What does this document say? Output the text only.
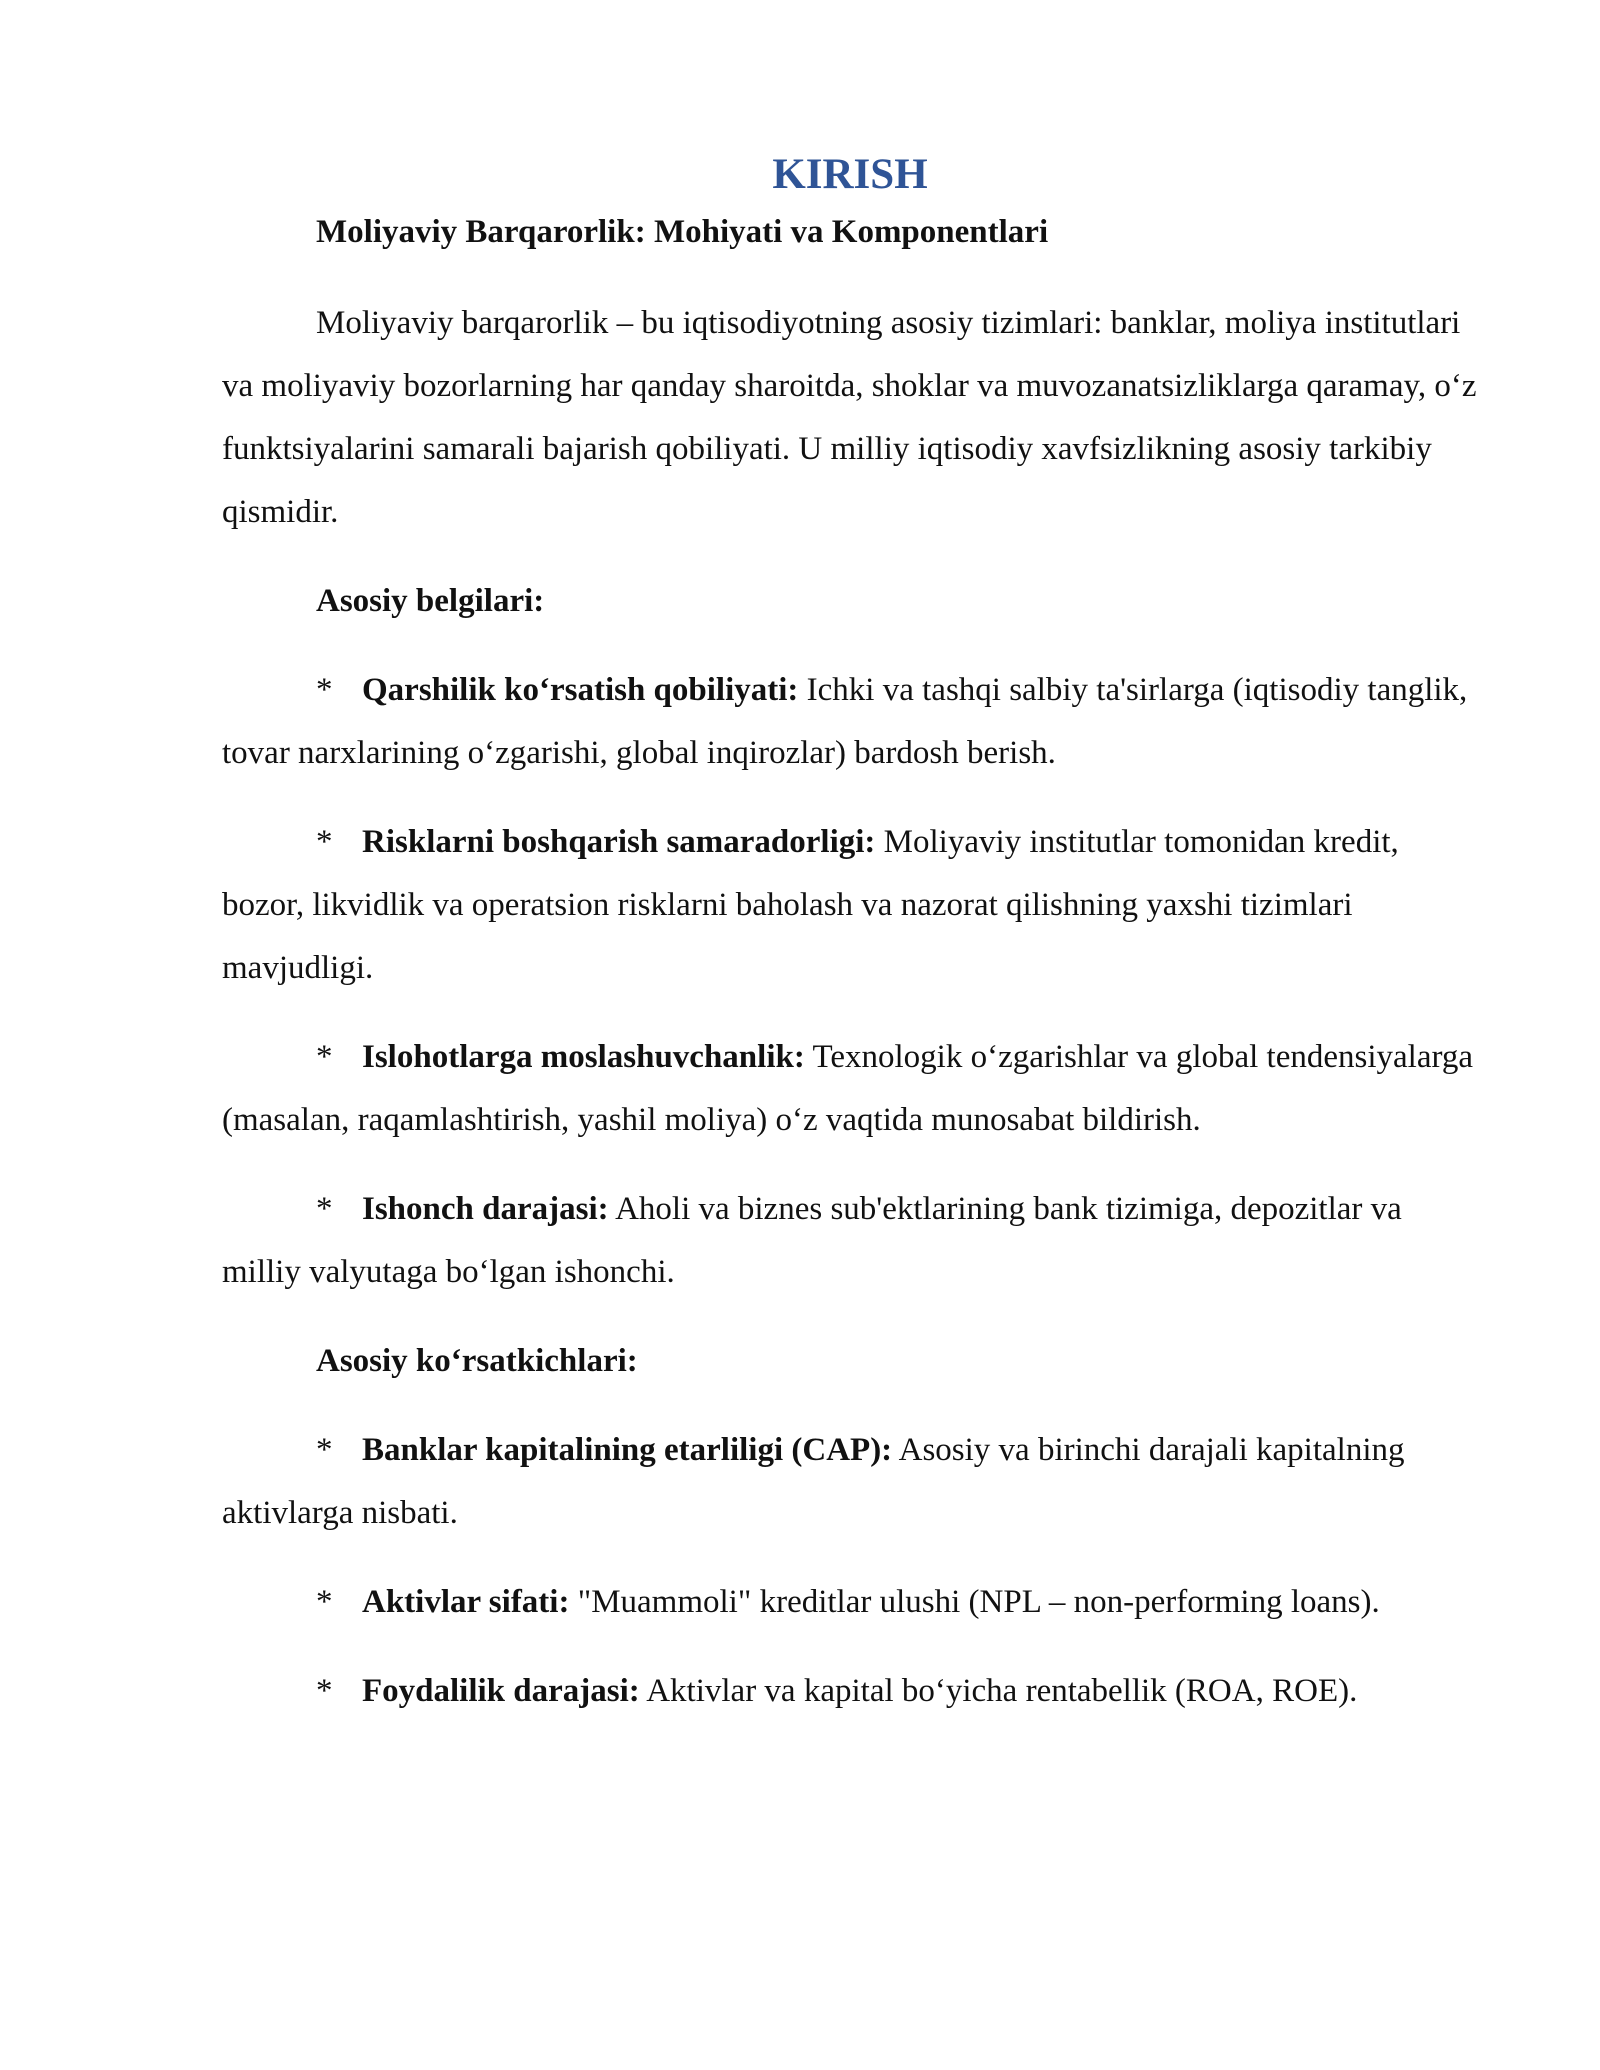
KIRISH
Moliyaviy Barqarorlik: Mohiyati va Komponentlari

Moliyaviy barqarorlik – bu iqtisodiyotning asosiy tizimlari: banklar, moliya institutlari va moliyaviy bozorlarning har qanday sharoitda, shoklar va muvozanatsizliklarga qaramay, o‘z funktsiyalarini samarali bajarish qobiliyati. U milliy iqtisodiy xavfsizlikning asosiy tarkibiy qismidir.

Asosiy belgilari:

* Qarshilik ko‘rsatish qobiliyati: Ichki va tashqi salbiy ta'sirlarga (iqtisodiy tanglik, tovar narxlarining o‘zgarishi, global inqirozlar) bardosh berish.

* Risklarni boshqarish samaradorligi: Moliyaviy institutlar tomonidan kredit, bozor, likvidlik va operatsion risklarni baholash va nazorat qilishning yaxshi tizimlari mavjudligi.

* Islohotlarga moslashuvchanlik: Texnologik o‘zgarishlar va global tendensiyalarga (masalan, raqamlashtirish, yashil moliya) o‘z vaqtida munosabat bildirish.

* Ishonch darajasi: Aholi va biznes sub'ektlarining bank tizimiga, depozitlar va milliy valyutaga bo‘lgan ishonchi.

Asosiy ko‘rsatkichlari:

* Banklar kapitalining etarliligi (CAP): Asosiy va birinchi darajali kapitalning aktivlarga nisbati.

* Aktivlar sifati: "Muammoli" kreditlar ulushi (NPL – non-performing loans).

* Foydalilik darajasi: Aktivlar va kapital bo‘yicha rentabellik (ROA, ROE).
